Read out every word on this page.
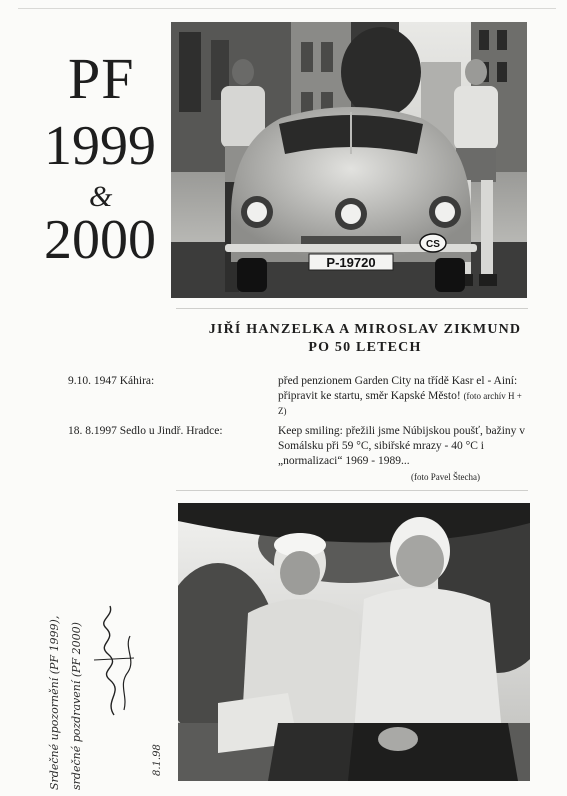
PF
1999
&
2000	P-19720
CS
JIŘÍ HANZELKA A MIROSLAV ZIKMUND
PO 50 LETECH
9.10. 1947 Káhira:	před penzionem Garden City na třídě Kasr el - Ainí: připravit ke startu, směr Kapské Město! (foto archív H + Z)
18. 8.1997 Sedlo u Jindř. Hradce:	Keep smiling: přežili jsme Núbijskou poušť, bažiny v Somálsku při 59 °C, sibiřské mrazy - 40 °C i „normalizaci“ 1969 - 1989...
(foto Pavel Štecha)
Srdečné upozornění (PF 1999), srdečné pozdravení (PF 2000)	8.1.98
